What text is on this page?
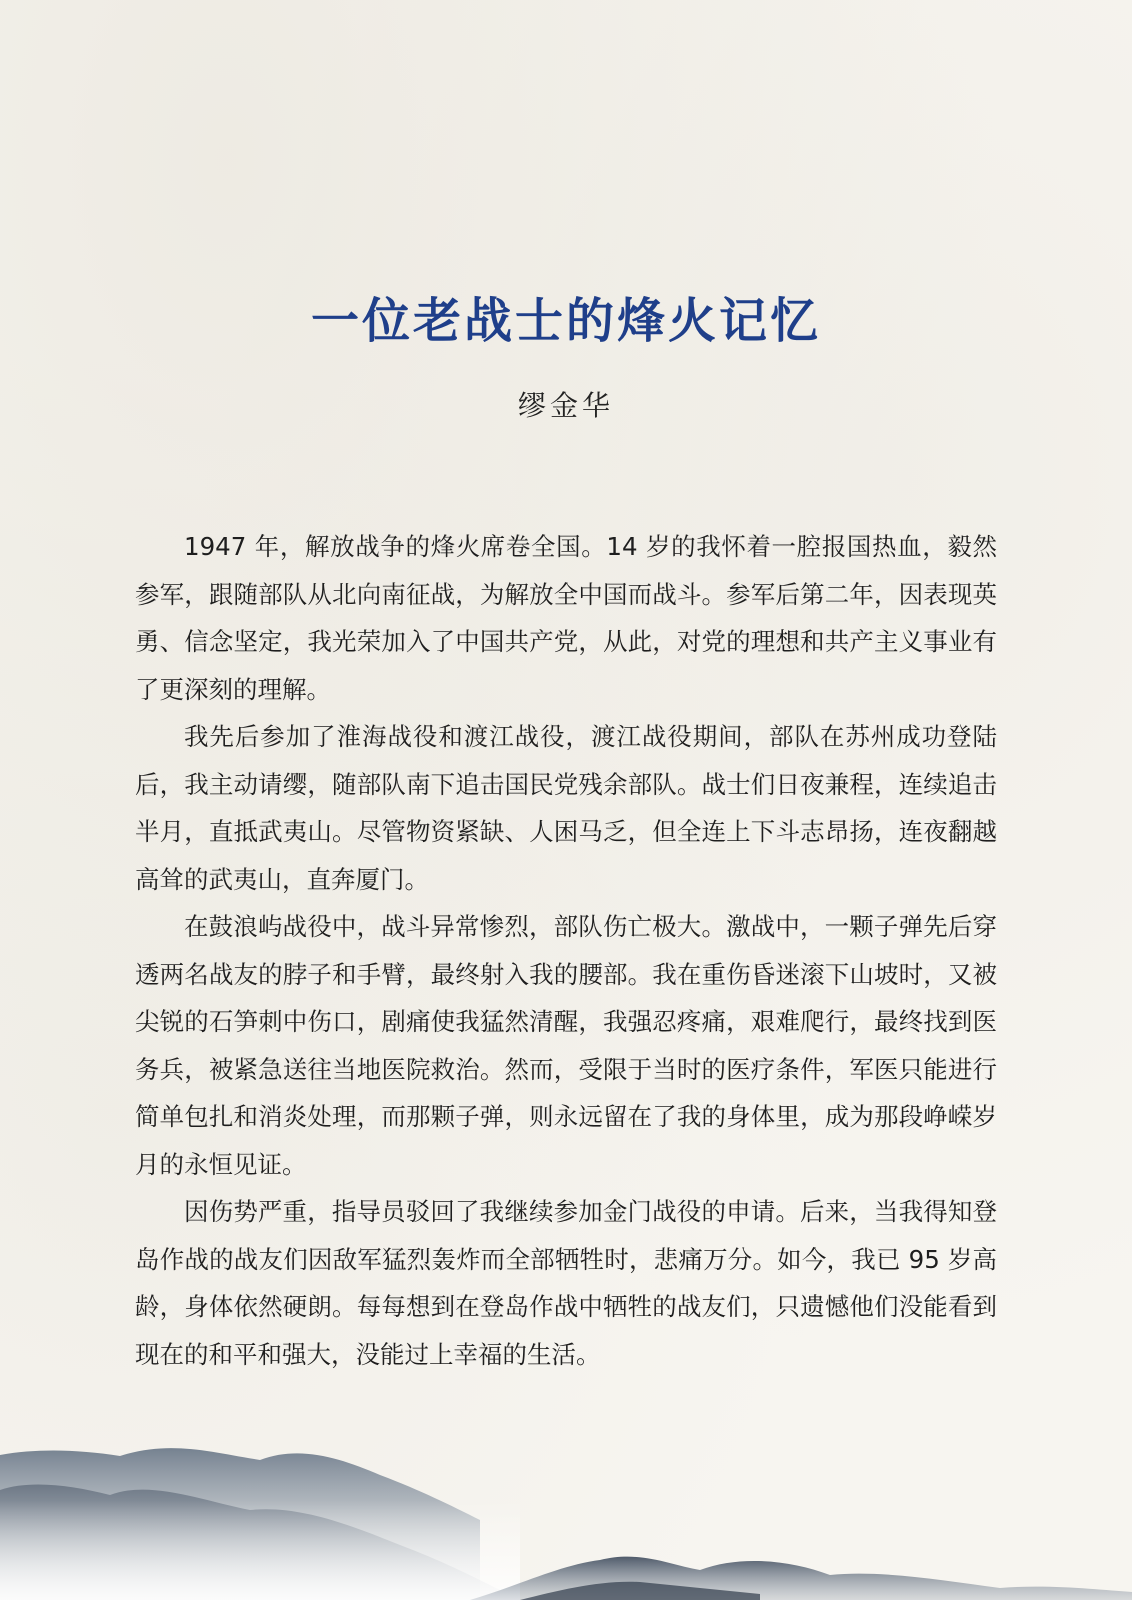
一位老战士的烽火记忆
缪金华

1947 年，解放战争的烽火席卷全国。14 岁的我怀着一腔报国热血，毅然参军，跟随部队从北向南征战，为解放全中国而战斗。参军后第二年，因表现英勇、信念坚定，我光荣加入了中国共产党，从此，对党的理想和共产主义事业有了更深刻的理解。

我先后参加了淮海战役和渡江战役，渡江战役期间，部队在苏州成功登陆后，我主动请缨，随部队南下追击国民党残余部队。战士们日夜兼程，连续追击半月，直抵武夷山。尽管物资紧缺、人困马乏，但全连上下斗志昂扬，连夜翻越高耸的武夷山，直奔厦门。

在鼓浪屿战役中，战斗异常惨烈，部队伤亡极大。激战中，一颗子弹先后穿透两名战友的脖子和手臂，最终射入我的腰部。我在重伤昏迷滚下山坡时，又被尖锐的石笋刺中伤口，剧痛使我猛然清醒，我强忍疼痛，艰难爬行，最终找到医务兵，被紧急送往当地医院救治。然而，受限于当时的医疗条件，军医只能进行简单包扎和消炎处理，而那颗子弹，则永远留在了我的身体里，成为那段峥嵘岁月的永恒见证。

因伤势严重，指导员驳回了我继续参加金门战役的申请。后来，当我得知登岛作战的战友们因敌军猛烈轰炸而全部牺牲时，悲痛万分。如今，我已 95 岁高龄，身体依然硬朗。每每想到在登岛作战中牺牲的战友们，只遗憾他们没能看到现在的和平和强大，没能过上幸福的生活。
